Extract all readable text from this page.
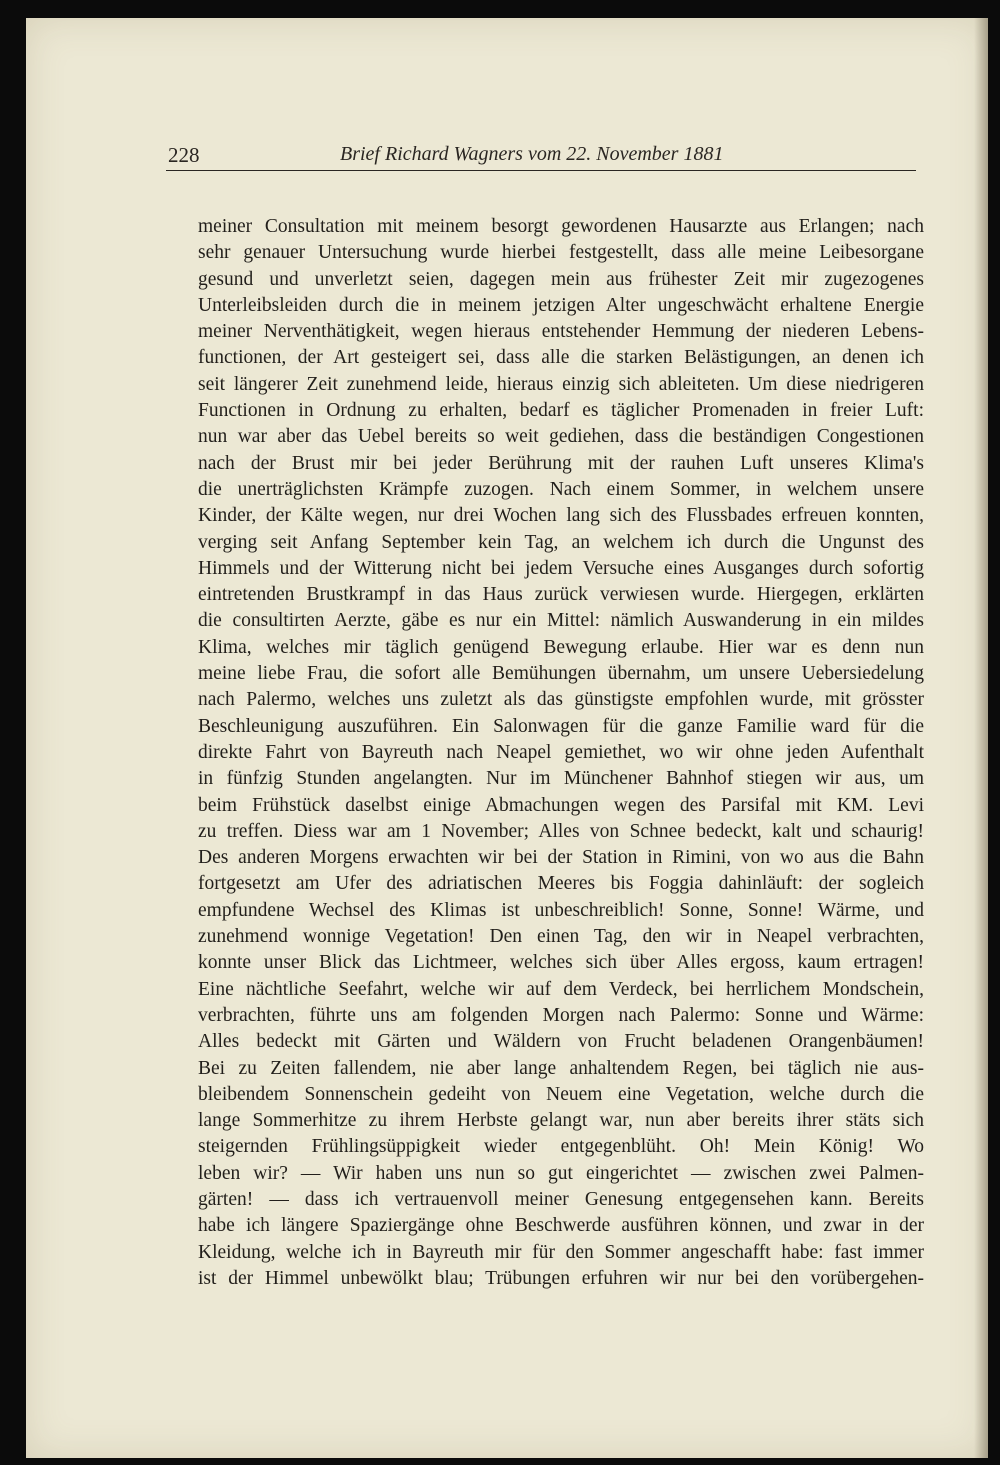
228	Brief Richard Wagners vom 22. November 1881
meiner Consultation mit meinem besorgt gewordenen Hausarzte aus Erlangen; nach
sehr genauer Untersuchung wurde hierbei festgestellt, dass alle meine Leibesorgane
gesund und unverletzt seien, dagegen mein aus frühester Zeit mir zugezogenes
Unterleibsleiden durch die in meinem jetzigen Alter ungeschwächt erhaltene Energie
meiner Nerventhätigkeit, wegen hieraus entstehender Hemmung der niederen Lebens-
functionen, der Art gesteigert sei, dass alle die starken Belästigungen, an denen ich
seit längerer Zeit zunehmend leide, hieraus einzig sich ableiteten. Um diese niedrigeren
Functionen in Ordnung zu erhalten, bedarf es täglicher Promenaden in freier Luft:
nun war aber das Uebel bereits so weit gediehen, dass die beständigen Congestionen
nach der Brust mir bei jeder Berührung mit der rauhen Luft unseres Klima's
die unerträglichsten Krämpfe zuzogen. Nach einem Sommer, in welchem unsere
Kinder, der Kälte wegen, nur drei Wochen lang sich des Flussbades erfreuen konnten,
verging seit Anfang September kein Tag, an welchem ich durch die Ungunst des
Himmels und der Witterung nicht bei jedem Versuche eines Ausganges durch sofortig
eintretenden Brustkrampf in das Haus zurück verwiesen wurde. Hiergegen, erklärten
die consultirten Aerzte, gäbe es nur ein Mittel: nämlich Auswanderung in ein mildes
Klima, welches mir täglich genügend Bewegung erlaube. Hier war es denn nun
meine liebe Frau, die sofort alle Bemühungen übernahm, um unsere Uebersiedelung
nach Palermo, welches uns zuletzt als das günstigste empfohlen wurde, mit grösster
Beschleunigung auszuführen. Ein Salonwagen für die ganze Familie ward für die
direkte Fahrt von Bayreuth nach Neapel gemiethet, wo wir ohne jeden Aufenthalt
in fünfzig Stunden angelangten. Nur im Münchener Bahnhof stiegen wir aus, um
beim Frühstück daselbst einige Abmachungen wegen des Parsifal mit KM. Levi
zu treffen. Diess war am 1 November; Alles von Schnee bedeckt, kalt und schaurig!
Des anderen Morgens erwachten wir bei der Station in Rimini, von wo aus die Bahn
fortgesetzt am Ufer des adriatischen Meeres bis Foggia dahinläuft: der sogleich
empfundene Wechsel des Klimas ist unbeschreiblich! Sonne, Sonne! Wärme, und
zunehmend wonnige Vegetation! Den einen Tag, den wir in Neapel verbrachten,
konnte unser Blick das Lichtmeer, welches sich über Alles ergoss, kaum ertragen!
Eine nächtliche Seefahrt, welche wir auf dem Verdeck, bei herrlichem Mondschein,
verbrachten, führte uns am folgenden Morgen nach Palermo: Sonne und Wärme:
Alles bedeckt mit Gärten und Wäldern von Frucht beladenen Orangenbäumen!
Bei zu Zeiten fallendem, nie aber lange anhaltendem Regen, bei täglich nie aus-
bleibendem Sonnenschein gedeiht von Neuem eine Vegetation, welche durch die
lange Sommerhitze zu ihrem Herbste gelangt war, nun aber bereits ihrer stäts sich
steigernden Frühlingsüppigkeit wieder entgegenblüht. Oh! Mein König! Wo
leben wir? — Wir haben uns nun so gut eingerichtet — zwischen zwei Palmen-
gärten! — dass ich vertrauenvoll meiner Genesung entgegensehen kann. Bereits
habe ich längere Spaziergänge ohne Beschwerde ausführen können, und zwar in der
Kleidung, welche ich in Bayreuth mir für den Sommer angeschafft habe: fast immer
ist der Himmel unbewölkt blau; Trübungen erfuhren wir nur bei den vorübergehen-
